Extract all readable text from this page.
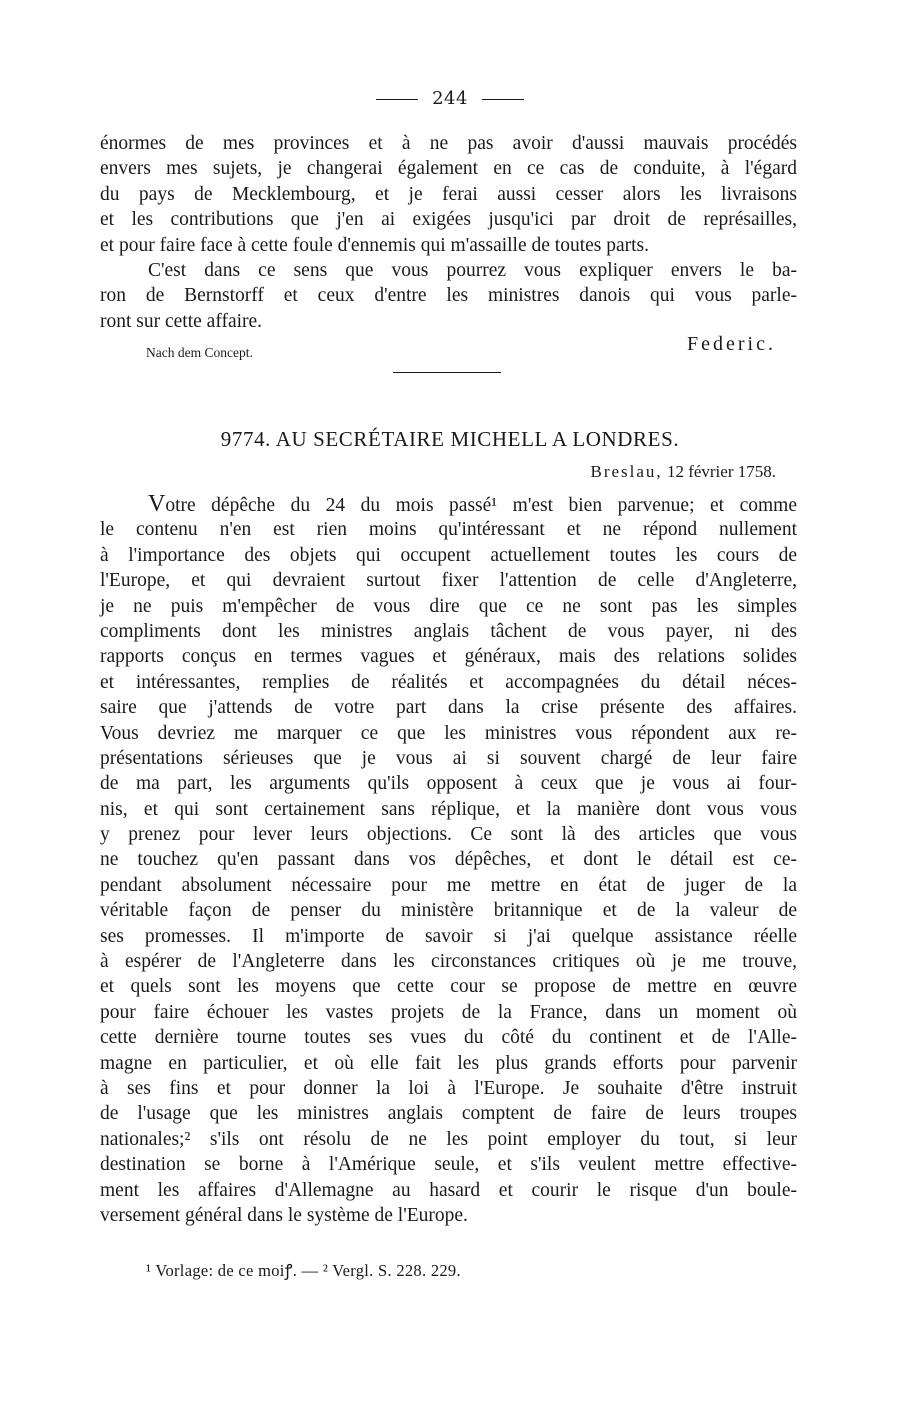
244
énormes de mes provinces et à ne pas avoir d'aussi mauvais procédés
envers mes sujets, je changerai également en ce cas de conduite, à l'égard
du pays de Mecklembourg, et je ferai aussi cesser alors les livraisons
et les contributions que j'en ai exigées jusqu'ici par droit de représailles,
et pour faire face à cette foule d'ennemis qui m'assaille de toutes parts.
C'est dans ce sens que vous pourrez vous expliquer envers le ba-
ron de Bernstorff et ceux d'entre les ministres danois qui vous parle-
ront sur cette affaire.
Nach dem Concept.	Federic.
9774. AU SECRÉTAIRE MICHELL A LONDRES.
Breslau, 12 février 1758.
Votre dépêche du 24 du mois passé¹ m'est bien parvenue; et comme
le contenu n'en est rien moins qu'intéressant et ne répond nullement
à l'importance des objets qui occupent actuellement toutes les cours de
l'Europe, et qui devraient surtout fixer l'attention de celle d'Angleterre,
je ne puis m'empêcher de vous dire que ce ne sont pas les simples
compliments dont les ministres anglais tâchent de vous payer, ni des
rapports conçus en termes vagues et généraux, mais des relations solides
et intéressantes, remplies de réalités et accompagnées du détail néces-
saire que j'attends de votre part dans la crise présente des affaires.
Vous devriez me marquer ce que les ministres vous répondent aux re-
présentations sérieuses que je vous ai si souvent chargé de leur faire
de ma part, les arguments qu'ils opposent à ceux que je vous ai four-
nis, et qui sont certainement sans réplique, et la manière dont vous vous
y prenez pour lever leurs objections. Ce sont là des articles que vous
ne touchez qu'en passant dans vos dépêches, et dont le détail est ce-
pendant absolument nécessaire pour me mettre en état de juger de la
véritable façon de penser du ministère britannique et de la valeur de
ses promesses. Il m'importe de savoir si j'ai quelque assistance réelle
à espérer de l'Angleterre dans les circonstances critiques où je me trouve,
et quels sont les moyens que cette cour se propose de mettre en œuvre
pour faire échouer les vastes projets de la France, dans un moment où
cette dernière tourne toutes ses vues du côté du continent et de l'Alle-
magne en particulier, et où elle fait les plus grands efforts pour parvenir
à ses fins et pour donner la loi à l'Europe. Je souhaite d'être instruit
de l'usage que les ministres anglais comptent de faire de leurs troupes
nationales;² s'ils ont résolu de ne les point employer du tout, si leur
destination se borne à l'Amérique seule, et s'ils veulent mettre effective-
ment les affaires d'Allemagne au hasard et courir le risque d'un boule-
versement général dans le système de l'Europe.
¹ Vorlage: de ce moiꝭ. — ² Vergl. S. 228. 229.
